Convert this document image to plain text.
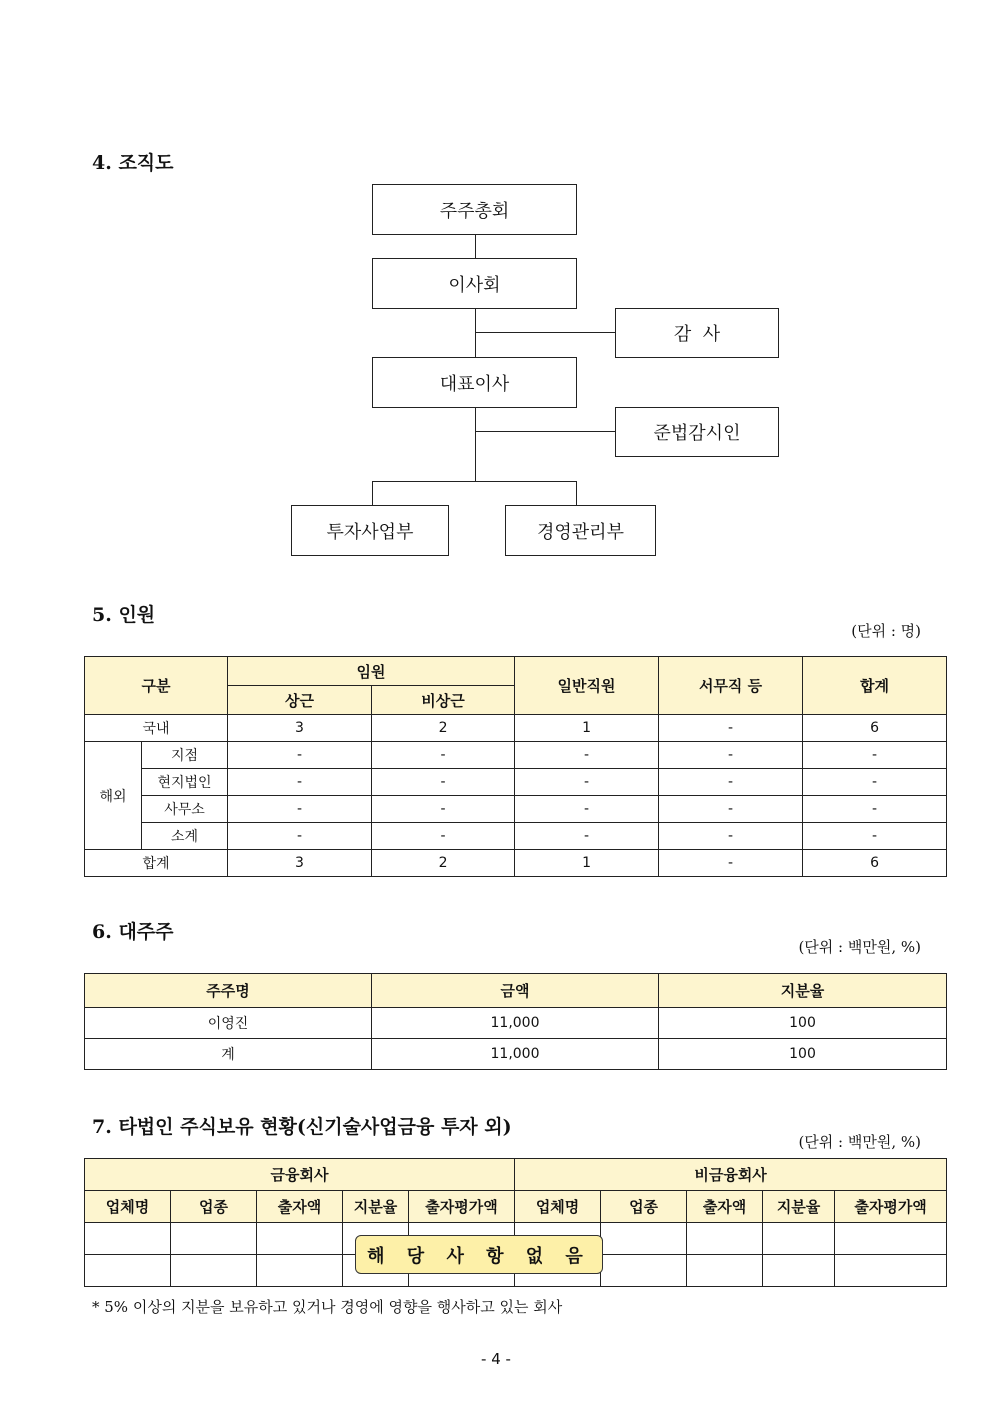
4. 조직도
주주총회
이사회
감  사
대표이사
준법감시인
투자사업부	경영관리부
5. 인원
(단위 : 명)
구분		임원		일반직원	서무직 등	합계
		상근	비상근			
국내		3	2	1	-	6
해외	지점	-	-	-	-	-
	현지법인	-	-	-	-	-
	사무소	-	-	-	-	-
	소계	-	-	-	-	-
합계		3	2	1	-	6
6. 대주주
(단위 : 백만원, %)
주주명	금액	지분율
이영진	11,000	100
계	11,000	100
7. 타법인 주식보유 현황(신기술사업금융 투자 외)
(단위 : 백만원, %)
금융회사					비금융회사				
업체명	업종	출자액	지분율	출자평가액	업체명	업종	출자액	지분율	출자평가액

해 당 사 항 없 음
* 5% 이상의 지분을 보유하고 있거나 경영에 영향을 행사하고 있는 회사
- 4 -
